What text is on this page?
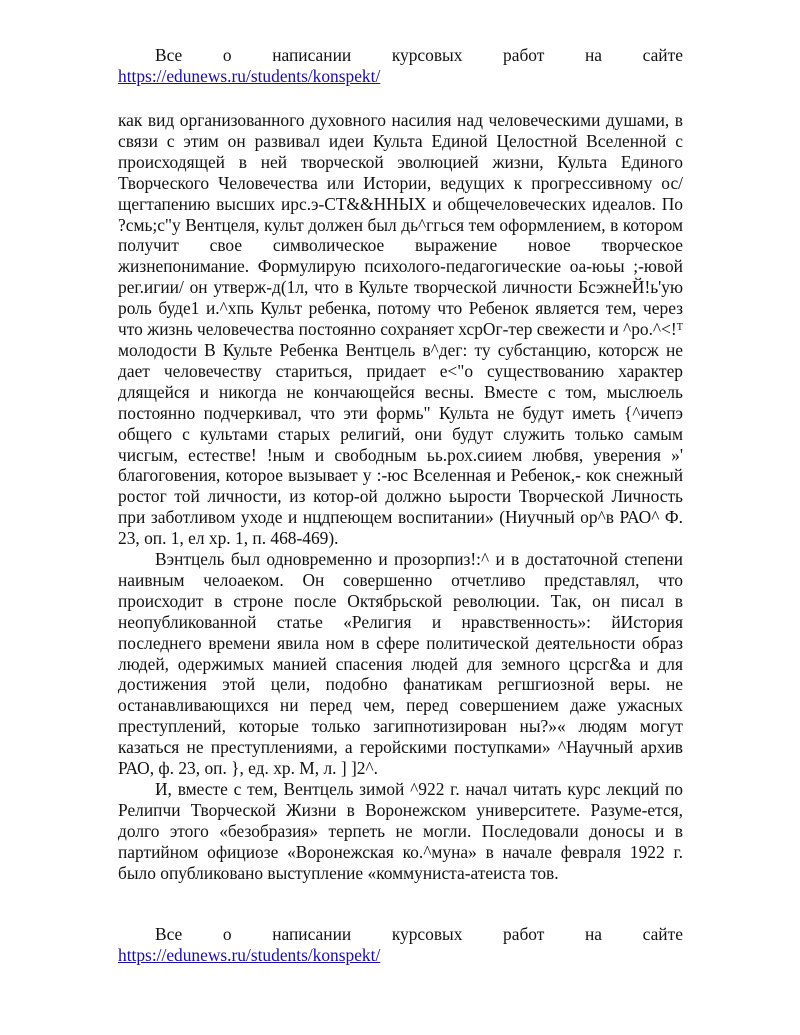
Все о написании курсовых работ на сайте
https://edunews.ru/students/konspekt/

как вид организованного духовного насилия над человеческими душами, в связи с этим он развивал идеи Культа Единой Целостной Вселенной с происходящей в ней творческой эволюцией жизни, Культа Единого Творческого Человечества или Истории, ведущих к прогрессивному ос/щегтапению высших ирс.э-СТ&&ННЫХ и общечеловеческих идеалов. По ?смь;с"у Вентцеля, культ должен был дь^ггься тем оформлением, в котором получит свое символическое выражение новое творческое жизнепонимание. Формулирую психолого-педагогические оа-юьы ;-ювой рег.игии/ он утверж-д(1л, что в Культе творческой личности БсэжнеЙ!ь'ую роль буде1 и.^хпь Культ ребенка, потому что Ребенок является тем, через что жизнь человечества постоянно сохраняет хсрОг-тер свежести и ^ро.^<!ᵀ молодости В Культе Ребенка Вентцель в^дег: ту субстанцию, которсж не дает человечеству стариться, придает е<"о существованию характер длящейся и никогда не кончающейся весны. Вместе с том, мыслюель постоянно подчеркивал, что эти формь" Культа не будут иметь {^ичепэ общего с культами старых религий, они будут служить только самым чисгым, естестве! !ным и свободным ьь.рох.сиием любвя, уверения »' благоговения, которое вызывает у :-юс Вселенная и Ребенок,- кок снежный ростог той личности, из котор-ой должно ьырости Творческой Личность при заботливом уходе и нцдпеющем воспитании» (Ниучный ор^в РАО^ Ф. 23, оп. 1, ел хр. 1, п. 468-469).

Вэнтцель был одновременно и прозорпиз!:^ и в достаточной степени наивным челоаеком. Он совершенно отчетливо представлял, что происходит в строне после Октябрьской революции. Так, он писал в неопубликованной статье «Религия и нравственность»: йИстория последнего времени явила ном в сфере политической деятельности образ людей, одержимых манией спасения людей для земного цсрсг&а и для достижения этой цели, подобно фанатикам регшгиозной веры. не останавливающихся ни перед чем, перед совершением даже ужасных преступлений, которые только загипнотизирован ны?»« людям могут казаться не преступлениями, а геройскими поступками» ^Научный архив РАО, ф. 23, оп. }, ед. хр. М, л. ] ]2^.

И, вместе с тем, Вентцель зимой ^922 г. начал читать курс лекций по Релипчи Творческой Жизни в Воронежском университете. Разуме-ется, долго этого «безобразия» терпеть не могли. Последовали доносы и в партийном официозе «Воронежская ко.^муна» в начале февраля 1922 г. было опубликовано выступление «коммуниста-атеиста тов.

Все о написании курсовых работ на сайте
https://edunews.ru/students/konspekt/
